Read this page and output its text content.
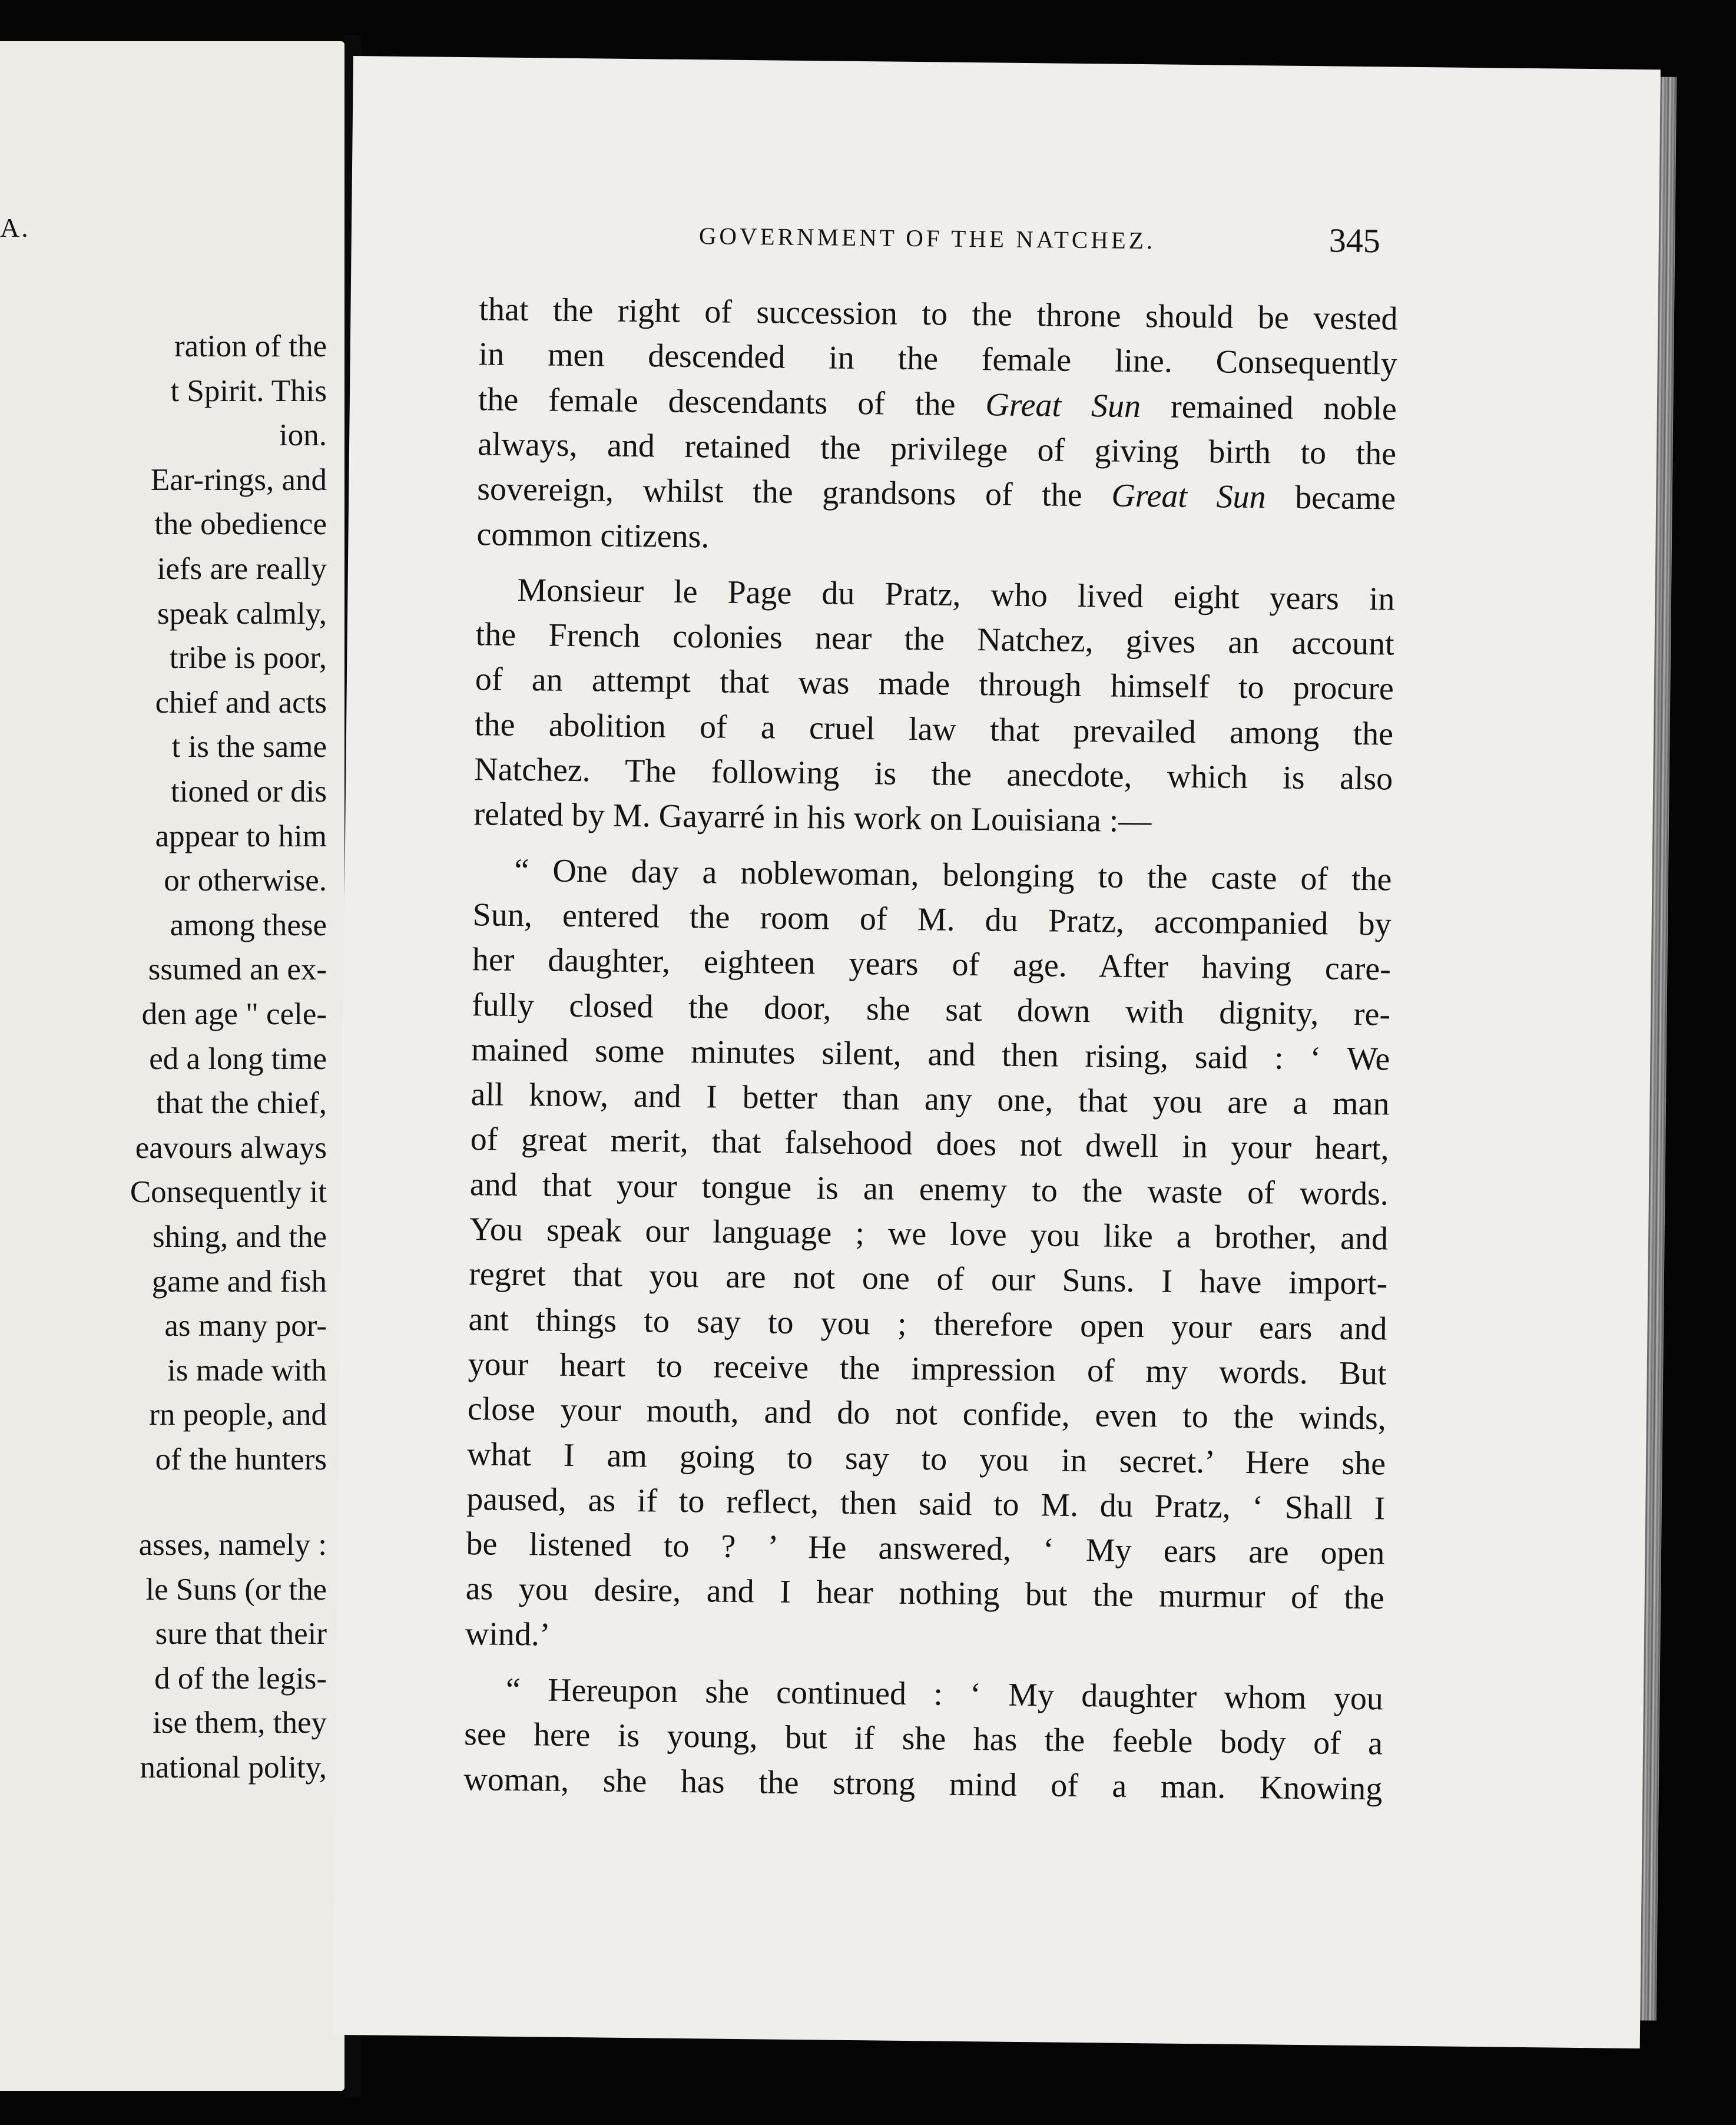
A.
ration of the
t Spirit. This
ion.
Ear-rings, and
the obedience
iefs are really
speak calmly,
tribe is poor,
chief and acts
t is the same
tioned or dis
appear to him
or otherwise.
among these
ssumed an ex-
den age " cele-
ed a long time
that the chief,
eavours always
Consequently it
shing, and the
game and fish
as many por-
is made with
rn people, and
of the hunters
asses, namely :
le Suns (or the
sure that their
d of the legis-
ise them, they
national polity,
GOVERNMENT OF THE NATCHEZ.	345
that the right of succession to the throne should be vested
in men descended in the female line. Consequently
the female descendants of the Great Sun remained noble
always, and retained the privilege of giving birth to the
sovereign, whilst the grandsons of the Great Sun became
common citizens.
Monsieur le Page du Pratz, who lived eight years in
the French colonies near the Natchez, gives an account
of an attempt that was made through himself to procure
the abolition of a cruel law that prevailed among the
Natchez. The following is the anecdote, which is also
related by M. Gayarré in his work on Louisiana :—
“ One day a noblewoman, belonging to the caste of the
Sun, entered the room of M. du Pratz, accompanied by
her daughter, eighteen years of age. After having care-
fully closed the door, she sat down with dignity, re-
mained some minutes silent, and then rising, said : ‘ We
all know, and I better than any one, that you are a man
of great merit, that falsehood does not dwell in your heart,
and that your tongue is an enemy to the waste of words.
You speak our language ; we love you like a brother, and
regret that you are not one of our Suns. I have import-
ant things to say to you ; therefore open your ears and
your heart to receive the impression of my words. But
close your mouth, and do not confide, even to the winds,
what I am going to say to you in secret.’ Here she
paused, as if to reflect, then said to M. du Pratz, ‘ Shall I
be listened to ? ’ He answered, ‘ My ears are open
as you desire, and I hear nothing but the murmur of the
wind.’
“ Hereupon she continued : ‘ My daughter whom you
see here is young, but if she has the feeble body of a
woman, she has the strong mind of a man. Knowing
